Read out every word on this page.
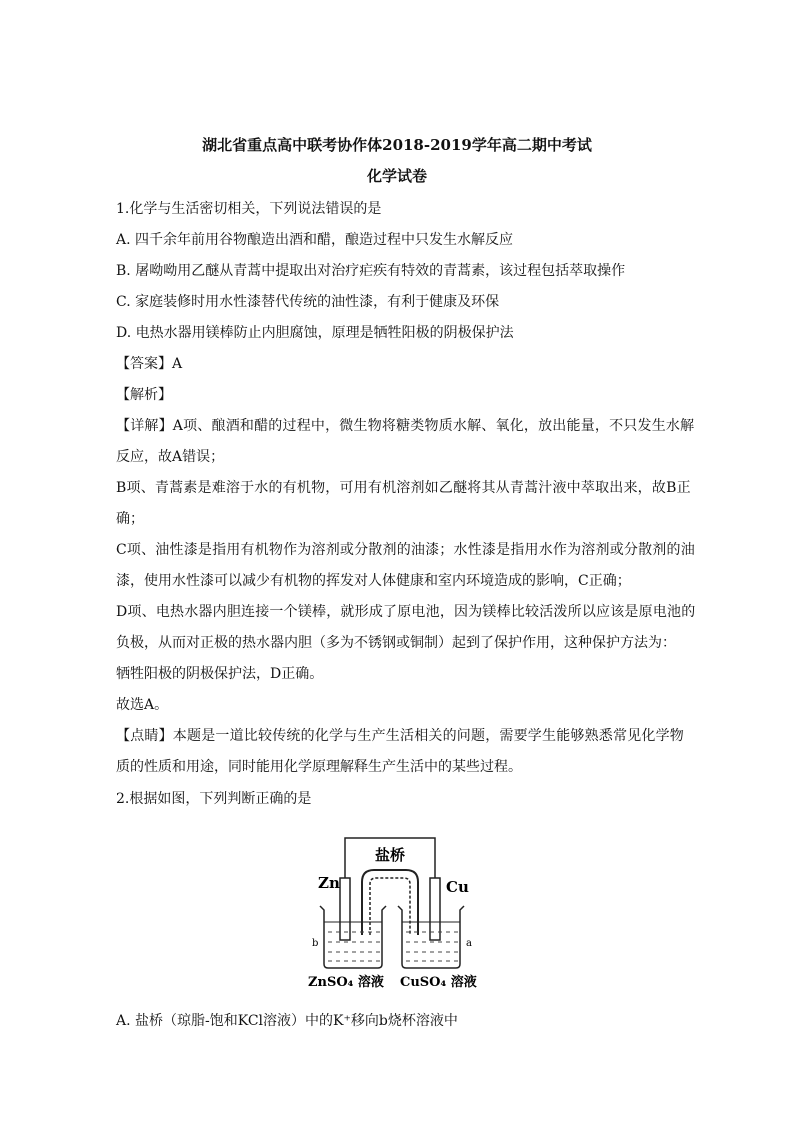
湖北省重点高中联考协作体2018-2019学年高二期中考试
化学试卷
1.化学与生活密切相关，下列说法错误的是
A. 四千余年前用谷物酿造出酒和醋，酿造过程中只发生水解反应
B. 屠呦呦用乙醚从青蒿中提取出对治疗疟疾有特效的青蒿素，该过程包括萃取操作
C. 家庭装修时用水性漆替代传统的油性漆，有利于健康及环保
D. 电热水器用镁棒防止内胆腐蚀，原理是牺牲阳极的阴极保护法
【答案】A
【解析】
【详解】A项、酿酒和醋的过程中，微生物将糖类物质水解、氧化，放出能量，不只发生水解
反应，故A错误；
B项、青蒿素是难溶于水的有机物，可用有机溶剂如乙醚将其从青蒿汁液中萃取出来，故B正
确；
C项、油性漆是指用有机物作为溶剂或分散剂的油漆；水性漆是指用水作为溶剂或分散剂的油
漆，使用水性漆可以减少有机物的挥发对人体健康和室内环境造成的影响，C正确；
D项、电热水器内胆连接一个镁棒，就形成了原电池，因为镁棒比较活泼所以应该是原电池的
负极，从而对正极的热水器内胆（多为不锈钢或铜制）起到了保护作用，这种保护方法为：
牺牲阳极的阴极保护法，D正确。
故选A。
【点睛】本题是一道比较传统的化学与生产生活相关的问题，需要学生能够熟悉常见化学物
质的性质和用途，同时能用化学原理解释生产生活中的某些过程。
2.根据如图，下列判断正确的是
盐桥
Zn	Cu
b	a
ZnSO₄ 溶液 CuSO₄ 溶液
A. 盐桥（琼脂-饱和KCl溶液）中的K⁺移向b烧杯溶液中
